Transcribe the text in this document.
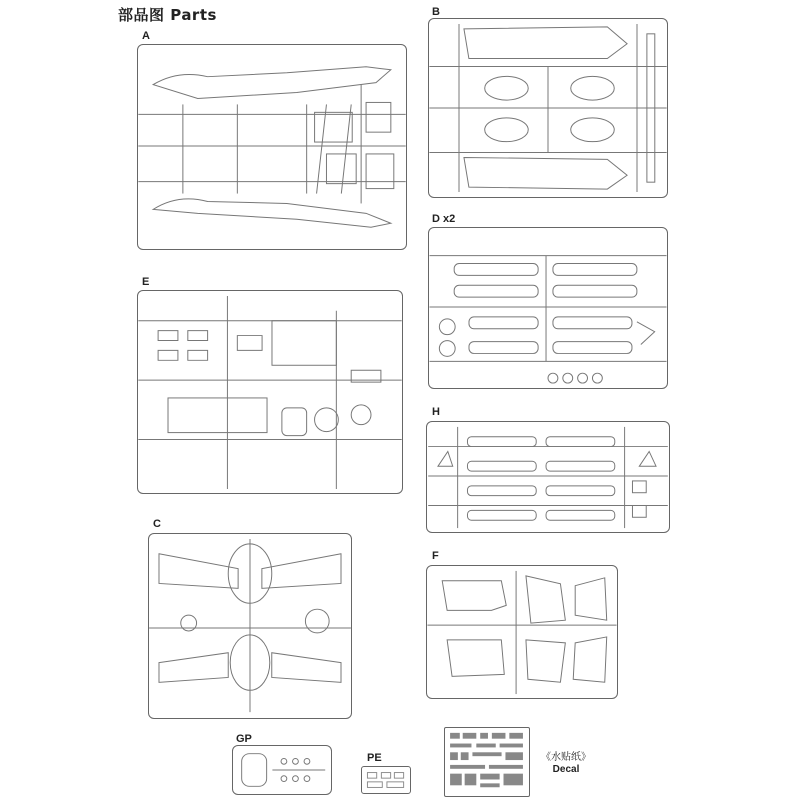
部品图 Parts
A
B
D x2
E
H
C
F
GP
PE	《水贴纸》
Decal
